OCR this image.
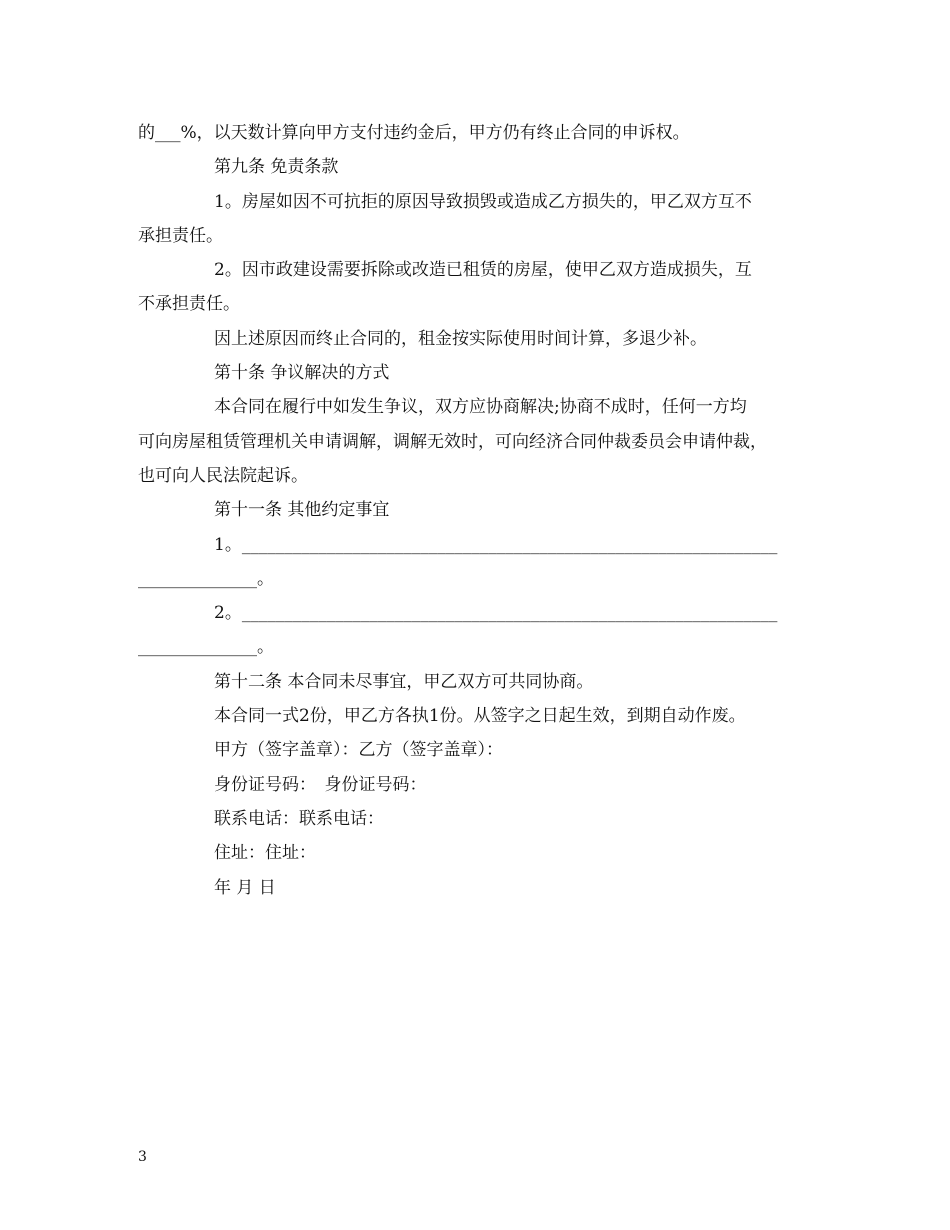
的___%，以天数计算向甲方支付违约金后，甲方仍有终止合同的申诉权。
第九条 免责条款
1。房屋如因不可抗拒的原因导致损毁或造成乙方损失的，甲乙双方互不
承担责任。
2。因市政建设需要拆除或改造已租赁的房屋，使甲乙双方造成损失，互
不承担责任。
因上述原因而终止合同的，租金按实际使用时间计算，多退少补。
第十条 争议解决的方式
本合同在履行中如发生争议，双方应协商解决;协商不成时，任何一方均
可向房屋租赁管理机关申请调解，调解无效时，可向经济合同仲裁委员会申请仲裁，
也可向人民法院起诉。
第十一条 其他约定事宜
1。_______________________________________________________________
______________。
2。_______________________________________________________________
______________。
第十二条 本合同未尽事宜，甲乙双方可共同协商。
本合同一式2份，甲乙方各执1份。从签字之日起生效，到期自动作废。
甲方（签字盖章）：乙方（签字盖章）：
身份证号码：　身份证号码：
联系电话：联系电话：
住址：住址：
年 月 日
3
